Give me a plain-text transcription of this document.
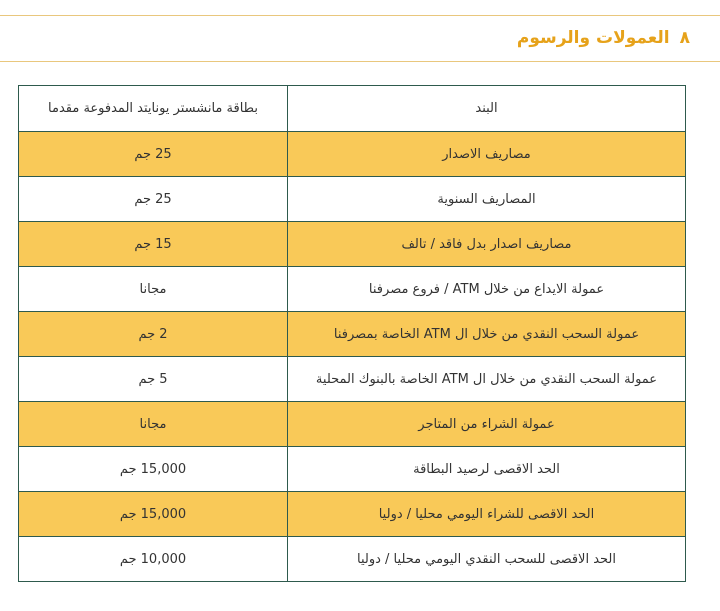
٨العمولات والرسوم
البند	بطاقة مانشستر يونايتد المدفوعة مقدما
مصاريف الاصدار	25 جم
المصاريف السنوية	25 جم
مصاريف اصدار بدل فاقد / تالف	15 جم
عمولة الايداع من خلال ATM / فروع مصرفنا	مجانا
عمولة السحب النقدي من خلال ال ATM الخاصة بمصرفنا	2 جم
عمولة السحب النقدي من خلال ال ATM الخاصة بالبنوك المحلية	5 جم
عمولة الشراء من المتاجر	مجانا
الحد الاقصى لرصيد البطاقة	15,000 جم
الحد الاقصى للشراء اليومي محليا / دوليا	15,000 جم
الحد الاقصى للسحب النقدي اليومي محليا / دوليا	10,000 جم
